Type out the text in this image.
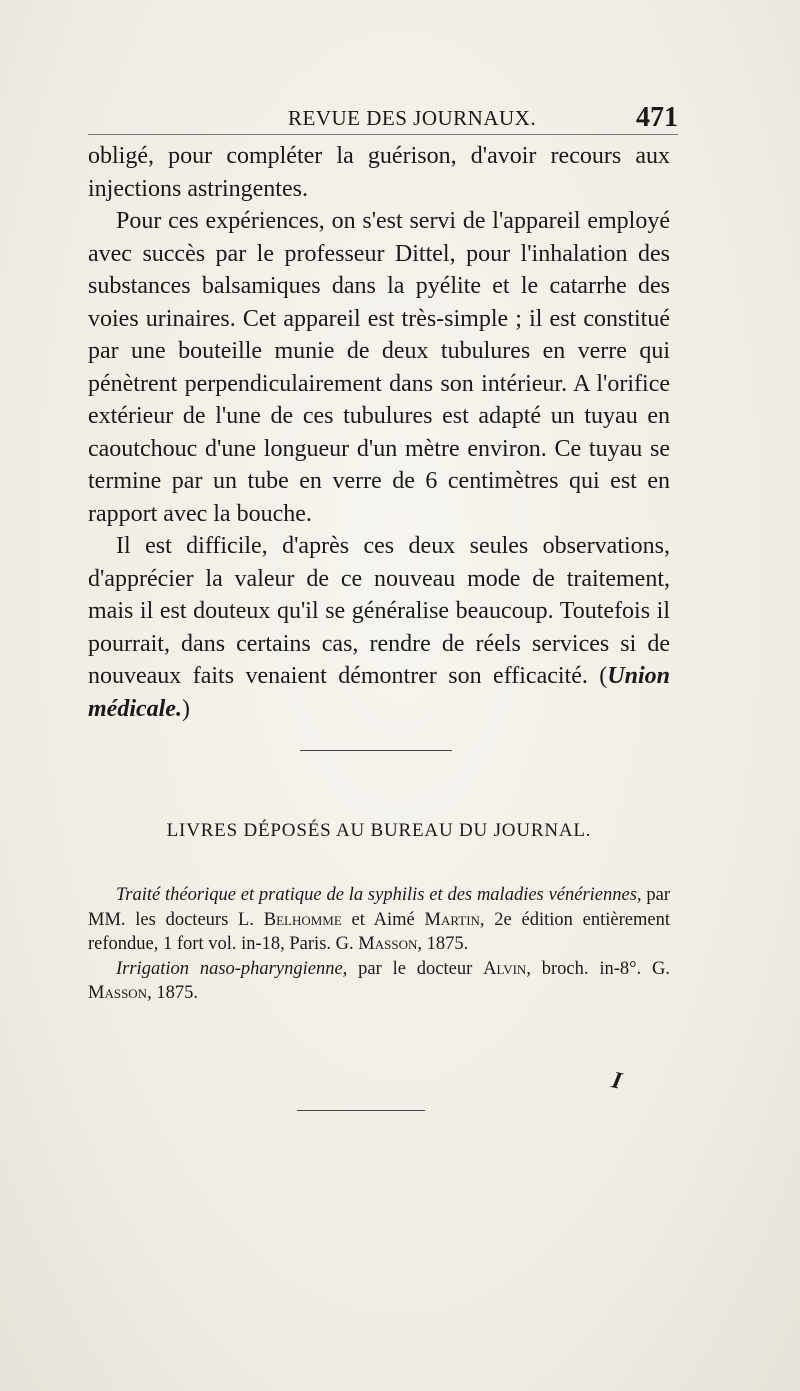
REVUE DES JOURNAUX.	471

obligé, pour compléter la guérison, d'avoir recours aux injections astringentes.

Pour ces expériences, on s'est servi de l'appareil employé avec succès par le professeur Dittel, pour l'inhalation des substances balsamiques dans la pyélite et le catarrhe des voies urinaires. Cet appareil est très-simple ; il est constitué par une bouteille munie de deux tubulures en verre qui pénètrent perpendiculairement dans son intérieur. A l'orifice extérieur de l'une de ces tubulures est adapté un tuyau en caoutchouc d'une longueur d'un mètre environ. Ce tuyau se termine par un tube en verre de 6 centimètres qui est en rapport avec la bouche.

Il est difficile, d'après ces deux seules observations, d'apprécier la valeur de ce nouveau mode de traitement, mais il est douteux qu'il se généralise beaucoup. Toutefois il pourrait, dans certains cas, rendre de réels services si de nouveaux faits venaient démontrer son efficacité. (Union médicale.)

LIVRES DÉPOSÉS AU BUREAU DU JOURNAL.

Traité théorique et pratique de la syphilis et des maladies vénériennes, par MM. les docteurs L. Belhomme et Aimé Martin, 2e édition entièrement refondue, 1 fort vol. in-18, Paris. G. Masson, 1875.

Irrigation naso-pharyngienne, par le docteur Alvin, broch. in-8°. G. Masson, 1875.

I
